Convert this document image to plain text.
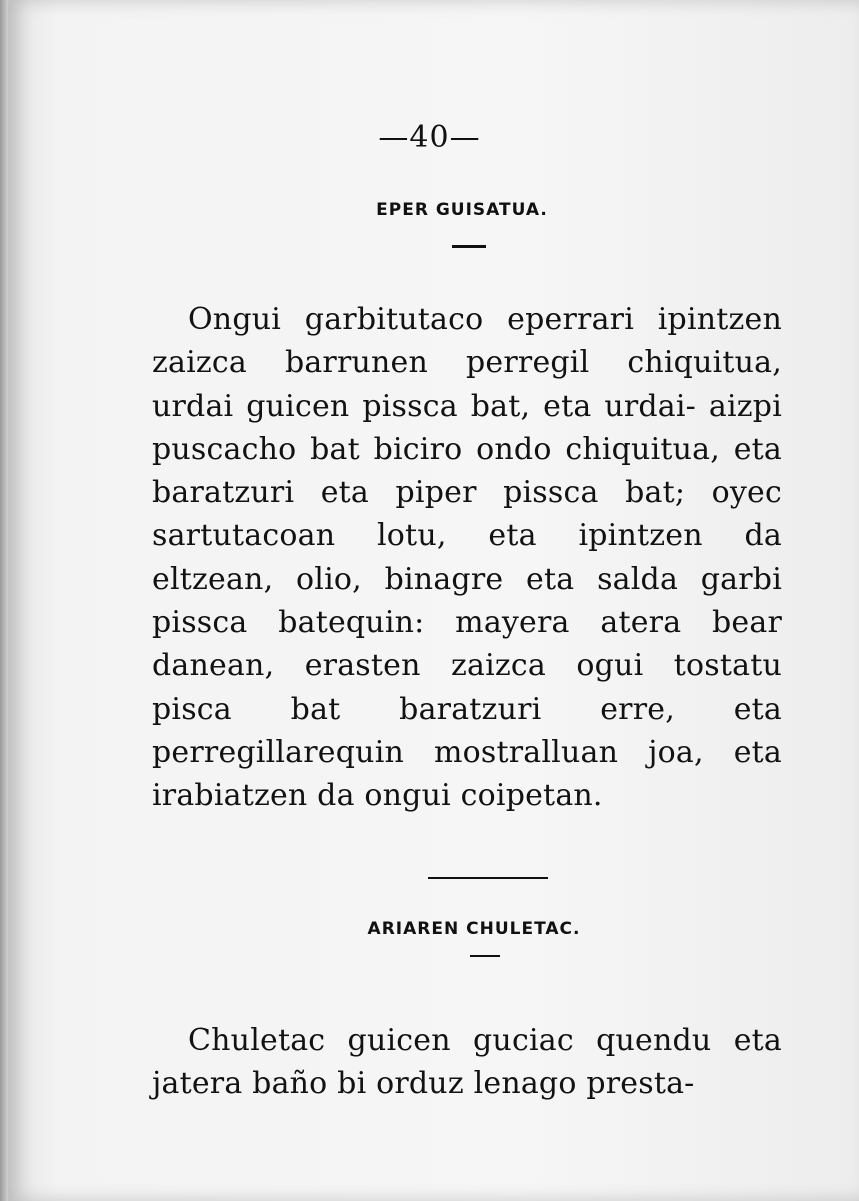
—40—
EPER GUISATUA.
Ongui garbitutaco eperrari ipintzen zaizca barrunen perregil chiquitua, urdai guicen pissca bat, eta urdai- aizpi puscacho bat biciro ondo chiquitua, eta baratzuri eta piper pissca bat; oyec sartutacoan lotu, eta ipintzen da eltzean, olio, binagre eta salda garbi pissca batequin: mayera atera bear danean, erasten zaizca ogui tostatu pisca bat baratzuri erre, eta perregillarequin mostralluan joa, eta irabiatzen da ongui coipetan.
ARIAREN CHULETAC.
Chuletac guicen guciac quendu eta jatera baño bi orduz lenago presta-
